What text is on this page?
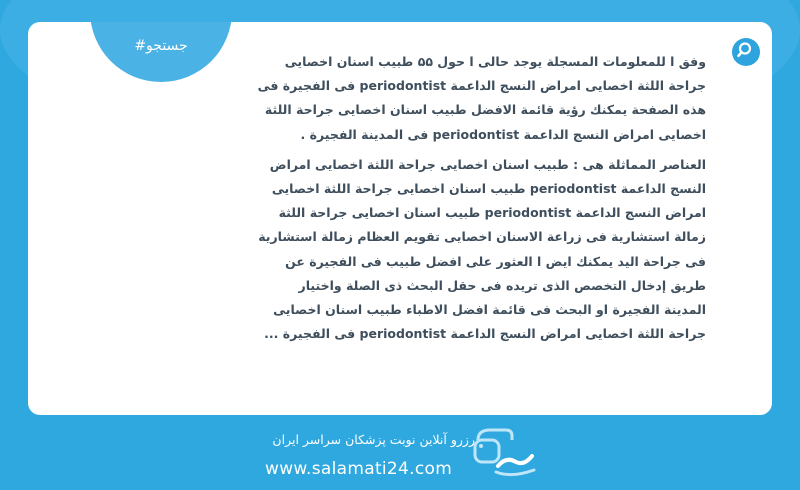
#جستجو

وفق ا للمعلومات المسجلة يوجد حالی ا حول ۵۵ طبيب اسنان اخصايی جراحة اللثة اخصايی امراض النسج الداعمة periodontist فی الفجيرة فی هذه الصفحة يمكنك رؤية قائمة الافضل طبيب اسنان اخصايی جراحة اللثة اخصايی امراض النسج الداعمة periodontist فی المدينة الفجيرة .

العناصر المماثلة هی : طبيب اسنان اخصايی جراحة اللثة اخصايی امراض النسج الداعمة periodontist طبيب اسنان اخصايی جراحة اللثة اخصايی امراض النسج الداعمة periodontist طبيب اسنان اخصايی جراحة اللثة زمالة استشارية فی زراعة الاسنان اخصايی تقويم العظام زمالة استشارية فی جراحة اليد يمكنك ايض ا العثور علی افضل طبيب فی الفجيرة عن طريق إدخال التخصص الذی تريده فی حقل البحث ذی الصلة واختيار المدينة الفجيرة او البحث فی قائمة افضل الاطباء طبيب اسنان اخصايی جراحة اللثة اخصايی امراض النسج الداعمة periodontist فی الفجيرة ...

رزرو آنلاین نوبت پزشکان سراسر ایران
www.salamati24.com
